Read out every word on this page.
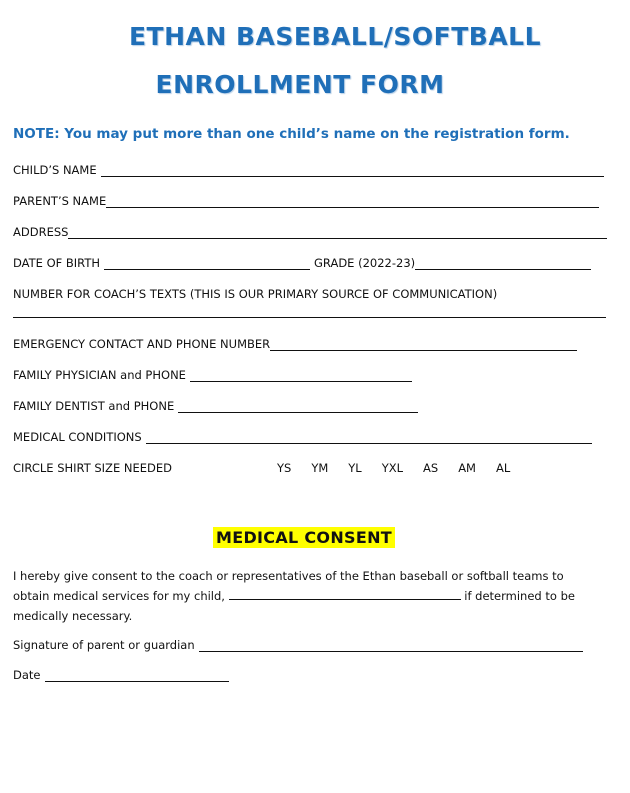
ETHAN BASEBALL/SOFTBALL
ENROLLMENT FORM
NOTE: You may put more than one child’s name on the registration form.
CHILD’S NAME
PARENT’S NAME
ADDRESS
DATE OF BIRTH	GRADE (2022-23)
NUMBER FOR COACH’S TEXTS (THIS IS OUR PRIMARY SOURCE OF COMMUNICATION)
EMERGENCY CONTACT AND PHONE NUMBER
FAMILY PHYSICIAN and PHONE
FAMILY DENTIST and PHONE
MEDICAL CONDITIONS
CIRCLE SHIRT SIZE NEEDED	YS YM YL YXL AS AM AL
MEDICAL CONSENT
I hereby give consent to the coach or representatives of the Ethan baseball or softball teams to obtain medical services for my child,	if determined to be medically necessary.
Signature of parent or guardian
Date
